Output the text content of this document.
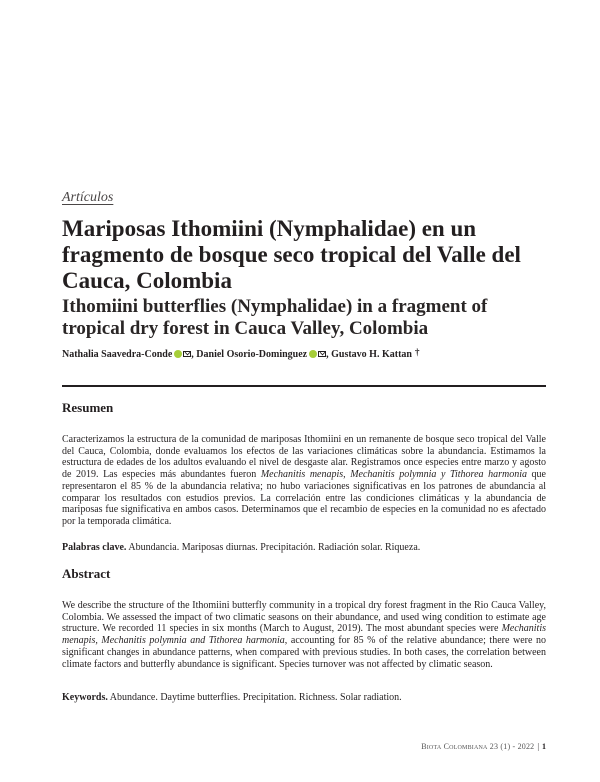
Artículos
Mariposas Ithomiini (Nymphalidae) en un fragmento de bosque seco tropical del Valle del Cauca, Colombia
Ithomiini butterflies (Nymphalidae) in a fragment of tropical dry forest in Cauca Valley, Colombia
Nathalia Saavedra-Conde , Daniel Osorio-Dominguez , Gustavo H. Kattan †
Resumen

Caracterizamos la estructura de la comunidad de mariposas Ithomiini en un remanente de bosque seco tropical del Valle del Cauca, Colombia, donde evaluamos los efectos de las variaciones climáticas sobre la abundancia. Estimamos la estructura de edades de los adultos evaluando el nivel de desgaste alar. Registramos once especies entre marzo y agosto de 2019. Las especies más abundantes fueron Mechanitis menapis, Mechanitis polymnia y Tithorea harmonia que representaron el 85 % de la abundancia relativa; no hubo variaciones significativas en los patrones de abundancia al comparar los resultados con estudios previos. La correlación entre las condiciones climáticas y la abundancia de mariposas fue significativa en ambos casos. Determinamos que el recambio de especies en la comunidad no es afectado por la temporada climática.

Palabras clave. Abundancia. Mariposas diurnas. Precipitación. Radiación solar. Riqueza.

Abstract

We describe the structure of the Ithomiini butterfly community in a tropical dry forest fragment in the Rio Cauca Valley, Colombia. We assessed the impact of two climatic seasons on their abundance, and used wing condition to estimate age structure. We recorded 11 species in six months (March to August, 2019). The most abundant species were Mechanitis menapis, Mechanitis polymnia and Tithorea harmonia, accounting for 85 % of the relative abundance; there were no significant changes in abundance patterns, when compared with previous studies. In both cases, the correlation between climate factors and butterfly abundance is significant. Species turnover was not affected by climatic season.

Keywords. Abundance. Daytime butterflies. Precipitation. Richness. Solar radiation.

Biota Colombiana 23 (1) - 2022 | 1
